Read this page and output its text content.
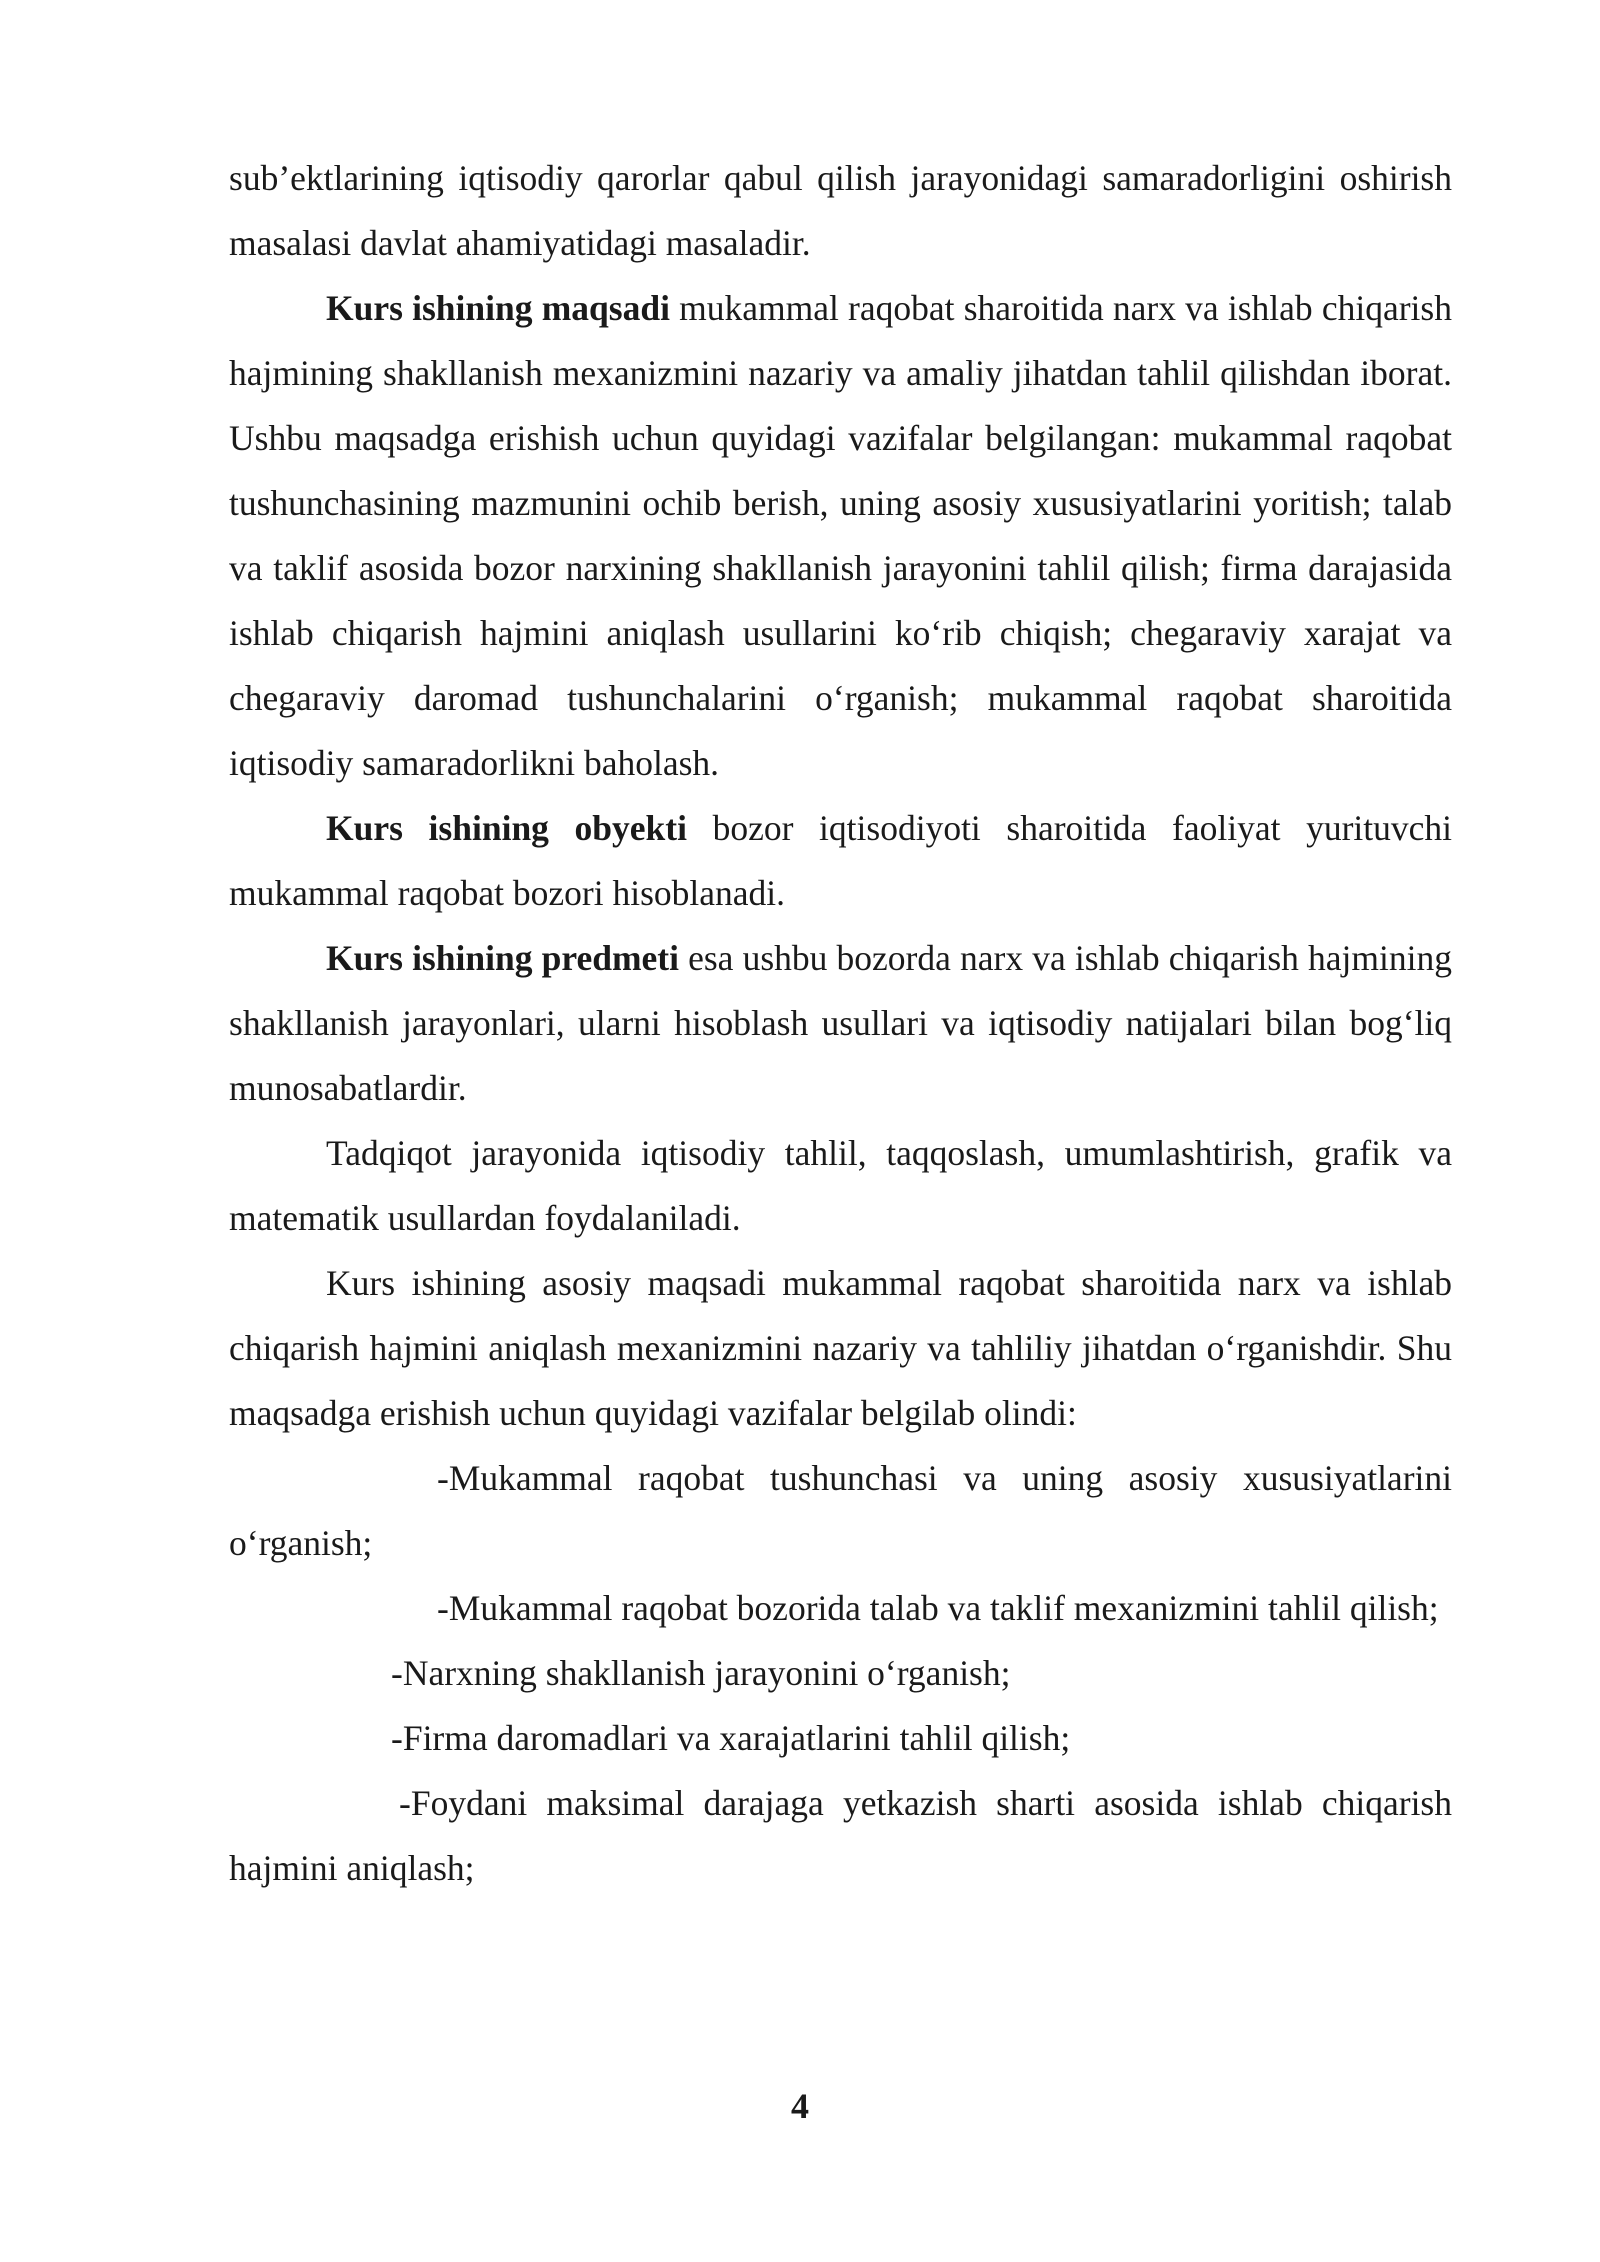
sub’ektlarining iqtisodiy qarorlar qabul qilish jarayonidagi samaradorligini oshirish masalasi davlat ahamiyatidagi masaladir.

Kurs ishining maqsadi mukammal raqobat sharoitida narx va ishlab chiqarish hajmining shakllanish mexanizmini nazariy va amaliy jihatdan tahlil qilishdan iborat. Ushbu maqsadga erishish uchun quyidagi vazifalar belgilangan: mukammal raqobat tushunchasining mazmunini ochib berish, uning asosiy xususiyatlarini yoritish; talab va taklif asosida bozor narxining shakllanish jarayonini tahlil qilish; firma darajasida ishlab chiqarish hajmini aniqlash usullarini ko‘rib chiqish; chegaraviy xarajat va chegaraviy daromad tushunchalarini o‘rganish; mukammal raqobat sharoitida iqtisodiy samaradorlikni baholash.

Kurs ishining obyekti bozor iqtisodiyoti sharoitida faoliyat yurituvchi mukammal raqobat bozori hisoblanadi.

Kurs ishining predmeti esa ushbu bozorda narx va ishlab chiqarish hajmining shakllanish jarayonlari, ularni hisoblash usullari va iqtisodiy natijalari bilan bog‘liq munosabatlardir.

Tadqiqot jarayonida iqtisodiy tahlil, taqqoslash, umumlashtirish, grafik va matematik usullardan foydalaniladi.

Kurs ishining asosiy maqsadi mukammal raqobat sharoitida narx va ishlab chiqarish hajmini aniqlash mexanizmini nazariy va tahliliy jihatdan o‘rganishdir. Shu maqsadga erishish uchun quyidagi vazifalar belgilab olindi:

-Mukammal raqobat tushunchasi va uning asosiy xususiyatlarini o‘rganish;

-Mukammal raqobat bozorida talab va taklif mexanizmini tahlil qilish;

-Narxning shakllanish jarayonini o‘rganish;

-Firma daromadlari va xarajatlarini tahlil qilish;

-Foydani maksimal darajaga yetkazish sharti asosida ishlab chiqarish hajmini aniqlash;

4
